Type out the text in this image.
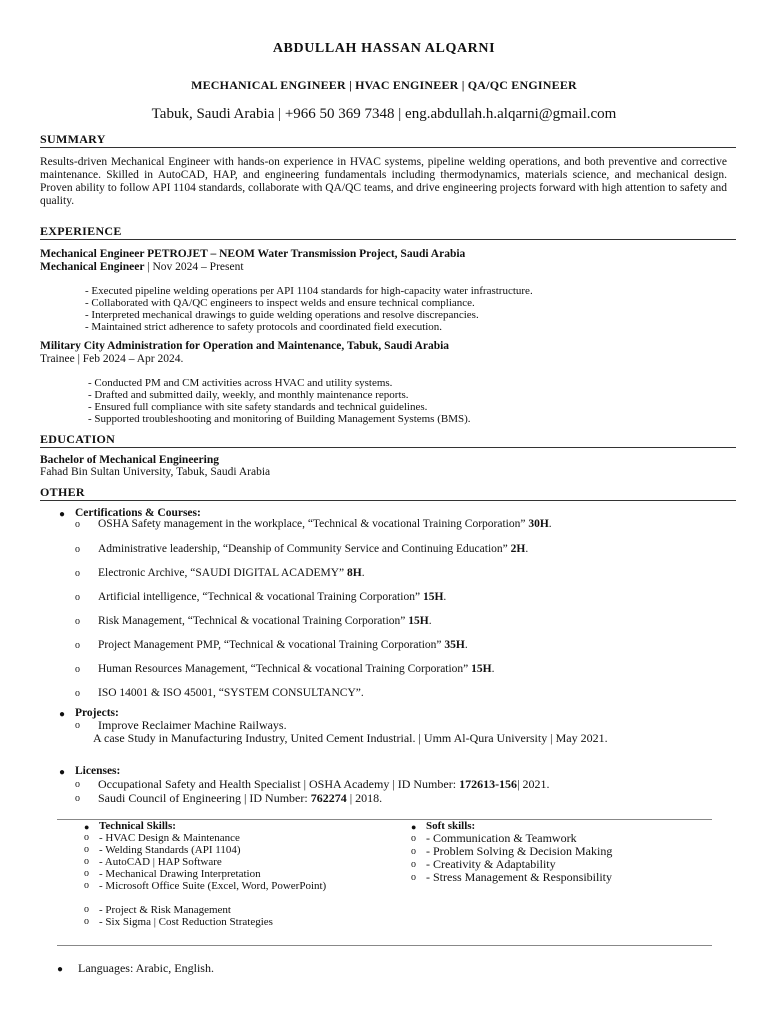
ABDULLAH HASSAN ALQARNI
MECHANICAL ENGINEER | HVAC ENGINEER | QA/QC ENGINEER
Tabuk, Saudi Arabia | +966 50 369 7348 | eng.abdullah.h.alqarni@gmail.com
SUMMARY
Results-driven Mechanical Engineer with hands-on experience in HVAC systems, pipeline welding operations, and both preventive and corrective maintenance. Skilled in AutoCAD, HAP, and engineering fundamentals including thermodynamics, materials science, and mechanical design. Proven ability to follow API 1104 standards, collaborate with QA/QC teams, and drive engineering projects forward with high attention to safety and quality.
EXPERIENCE
Mechanical Engineer PETROJET – NEOM Water Transmission Project, Saudi Arabia
Mechanical Engineer | Nov 2024 – Present
- Executed pipeline welding operations per API 1104 standards for high-capacity water infrastructure.
- Collaborated with QA/QC engineers to inspect welds and ensure technical compliance.
- Interpreted mechanical drawings to guide welding operations and resolve discrepancies.
- Maintained strict adherence to safety protocols and coordinated field execution.
Military City Administration for Operation and Maintenance, Tabuk, Saudi Arabia
Trainee | Feb 2024 – Apr 2024.
- Conducted PM and CM activities across HVAC and utility systems.
- Drafted and submitted daily, weekly, and monthly maintenance reports.
- Ensured full compliance with site safety standards and technical guidelines.
- Supported troubleshooting and monitoring of Building Management Systems (BMS).
EDUCATION
Bachelor of Mechanical Engineering
Fahad Bin Sultan University, Tabuk, Saudi Arabia
OTHER
● Certifications & Courses:
o OSHA Safety management in the workplace, “Technical & vocational Training Corporation” 30H.
o Administrative leadership, “Deanship of Community Service and Continuing Education” 2H.
o Electronic Archive, “SAUDI DIGITAL ACADEMY” 8H.
o Artificial intelligence, “Technical & vocational Training Corporation” 15H.
o Risk Management, “Technical & vocational Training Corporation” 15H.
o Project Management PMP, “Technical & vocational Training Corporation” 35H.
o Human Resources Management, “Technical & vocational Training Corporation” 15H.
o ISO 14001 & ISO 45001, “SYSTEM CONSULTANCY”.
● Projects:
o Improve Reclaimer Machine Railways.
A case Study in Manufacturing Industry, United Cement Industrial. | Umm Al-Qura University | May 2021.
● Licenses:
o Occupational Safety and Health Specialist | OSHA Academy | ID Number: 172613-156| 2021.
o Saudi Council of Engineering | ID Number: 762274 | 2018.
● Technical Skills:
o - HVAC Design & Maintenance
o - Welding Standards (API 1104)
o - AutoCAD | HAP Software
o - Mechanical Drawing Interpretation
o - Microsoft Office Suite (Excel, Word, PowerPoint)
o - Project & Risk Management
o - Six Sigma | Cost Reduction Strategies
● Soft skills:
o - Communication & Teamwork
o - Problem Solving & Decision Making
o - Creativity & Adaptability
o - Stress Management & Responsibility
● Languages: Arabic, English.
